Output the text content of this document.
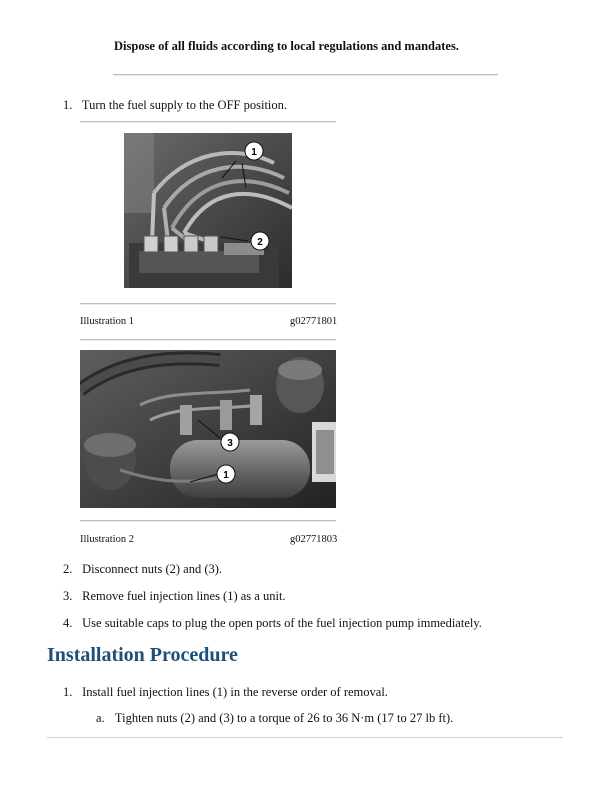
Dispose of all fluids according to local regulations and mandates.
1. Turn the fuel supply to the OFF position.
1
2
Illustration 1	g02771801
3
1
Illustration 2	g02771803
2. Disconnect nuts (2) and (3).
3. Remove fuel injection lines (1) as a unit.
4. Use suitable caps to plug the open ports of the fuel injection pump immediately.
Installation Procedure
1. Install fuel injection lines (1) in the reverse order of removal.
a. Tighten nuts (2) and (3) to a torque of 26 to 36 N·m (17 to 27 lb ft).
